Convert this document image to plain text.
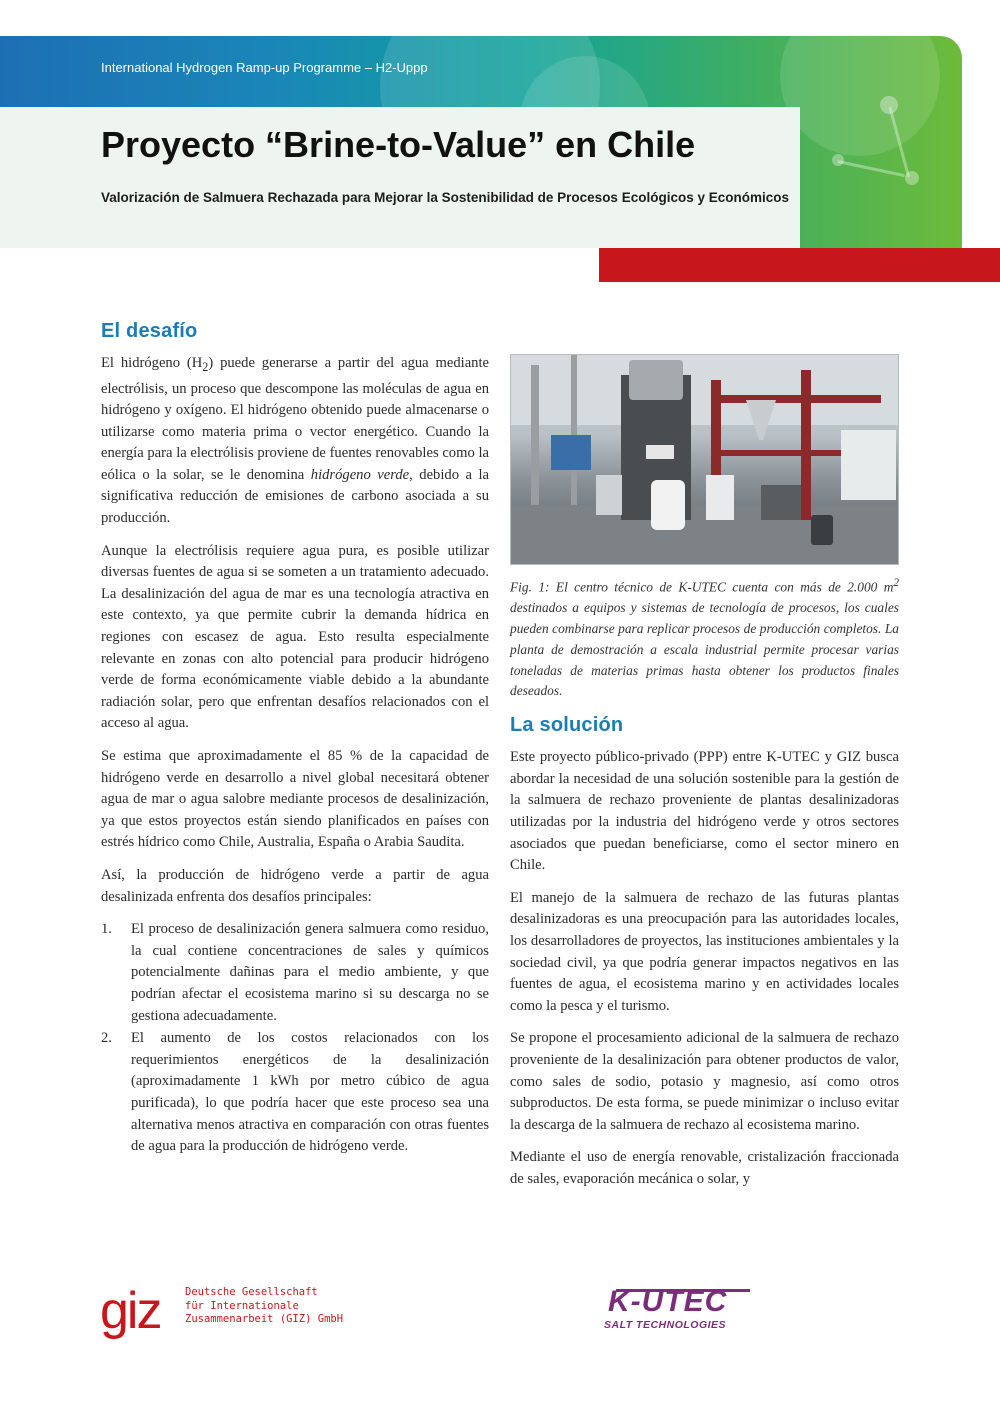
International Hydrogen Ramp-up Programme – H2-Uppp
Proyecto “Brine-to-Value” en Chile
Valorización de Salmuera Rechazada para Mejorar la Sostenibilidad de Procesos Ecológicos y Económicos
El desafío

El hidrógeno $(H_2)$ puede generarse a partir del agua mediante electrólisis, un proceso que descompone las moléculas de agua en hidrógeno y oxígeno. El hidrógeno obtenido puede almacenarse o utilizarse como materia prima o vector energético. Cuando la energía para la electrólisis proviene de fuentes renovables como la eólica o la solar, se le denomina hidrógeno verde, debido a la significativa reducción de emisiones de carbono asociada a su producción.

Aunque la electrólisis requiere agua pura, es posible utilizar diversas fuentes de agua si se someten a un tratamiento adecuado. La desalinización del agua de mar es una tecnología atractiva en este contexto, ya que permite cubrir la demanda hídrica en regiones con escasez de agua. Esto resulta especialmente relevante en zonas con alto potencial para producir hidrógeno verde de forma económicamente viable debido a la abundante radiación solar, pero que enfrentan desafíos relacionados con el acceso al agua.

Se estima que aproximadamente el 85 % de la capacidad de hidrógeno verde en desarrollo a nivel global necesitará obtener agua de mar o agua salobre mediante procesos de desalinización, ya que estos proyectos están siendo planificados en países con estrés hídrico como Chile, Australia, España o Arabia Saudita.

Así, la producción de hidrógeno verde a partir de agua desalinizada enfrenta dos desafíos principales:

1. El proceso de desalinización genera salmuera como residuo, la cual contiene concentraciones de sales y químicos potencialmente dañinas para el medio ambiente, y que podrían afectar el ecosistema marino si su descarga no se gestiona adecuadamente.
2. El aumento de los costos relacionados con los requerimientos energéticos de la desalinización (aproximadamente 1 kWh por metro cúbico de agua purificada), lo que podría hacer que este proceso sea una alternativa menos atractiva en comparación con otras fuentes de agua para la producción de hidrógeno verde.

Fig. 1: El centro técnico de K-UTEC cuenta con más de 2.000 $m^2$ destinados a equipos y sistemas de tecnología de procesos, los cuales pueden combinarse para replicar procesos de producción completos. La planta de demostración a escala industrial permite procesar varias toneladas de materias primas hasta obtener los productos finales deseados.

La solución

Este proyecto público-privado (PPP) entre K-UTEC y GIZ busca abordar la necesidad de una solución sostenible para la gestión de la salmuera de rechazo proveniente de plantas desalinizadoras utilizadas por la industria del hidrógeno verde y otros sectores asociados que puedan beneficiarse, como el sector minero en Chile.

El manejo de la salmuera de rechazo de las futuras plantas desalinizadoras es una preocupación para las autoridades locales, los desarrolladores de proyectos, las instituciones ambientales y la sociedad civil, ya que podría generar impactos negativos en las fuentes de agua, el ecosistema marino y en actividades locales como la pesca y el turismo.

Se propone el procesamiento adicional de la salmuera de rechazo proveniente de la desalinización para obtener productos de valor, como sales de sodio, potasio y magnesio, así como otros subproductos. De esta forma, se puede minimizar o incluso evitar la descarga de la salmuera de rechazo al ecosistema marino.

Mediante el uso de energía renovable, cristalización fraccionada de sales, evaporación mecánica o solar, y

giz Deutsche Gesellschaft
für Internationale
Zusammenarbeit (GIZ) GmbH
K-UTEC
SALT TECHNOLOGIES
